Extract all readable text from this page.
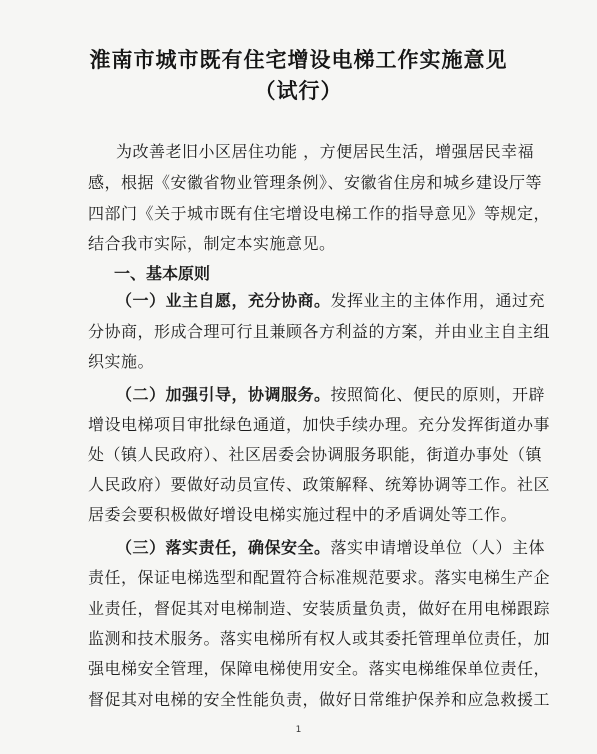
淮南市城市既有住宅增设电梯工作实施意见
（试行）
为改善老旧小区居住功能 ，方便居民生活，增强居民幸福
感，根据《安徽省物业管理条例》、安徽省住房和城乡建设厅等
四部门《关于城市既有住宅增设电梯工作的指导意见》等规定，
结合我市实际，制定本实施意见。
一、基本原则
（一）业主自愿，充分协商。发挥业主的主体作用，通过充
分协商，形成合理可行且兼顾各方利益的方案，并由业主自主组
织实施。
（二）加强引导，协调服务。按照简化、便民的原则，开辟
增设电梯项目审批绿色通道，加快手续办理。充分发挥街道办事
处（镇人民政府）、社区居委会协调服务职能，街道办事处（镇
人民政府）要做好动员宣传、政策解释、统筹协调等工作。社区
居委会要积极做好增设电梯实施过程中的矛盾调处等工作。
（三）落实责任，确保安全。落实申请增设单位（人）主体
责任，保证电梯选型和配置符合标准规范要求。落实电梯生产企
业责任，督促其对电梯制造、安装质量负责，做好在用电梯跟踪
监测和技术服务。落实电梯所有权人或其委托管理单位责任，加
强电梯安全管理，保障电梯使用安全。落实电梯维保单位责任，
督促其对电梯的安全性能负责，做好日常维护保养和应急救援工
1
